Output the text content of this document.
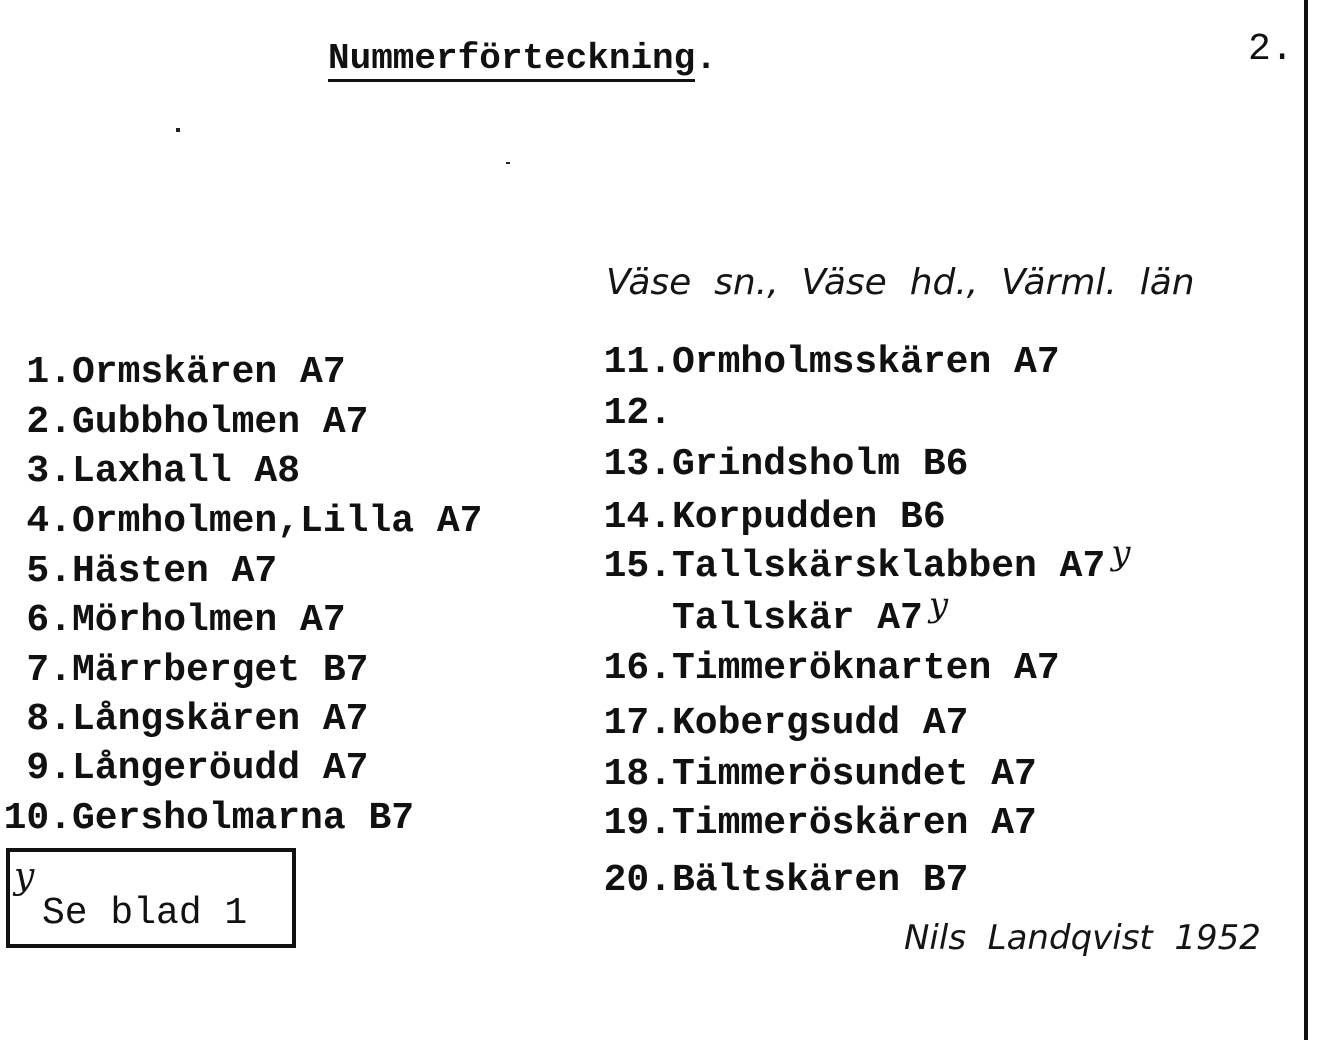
Nummerförteckning.	2.
Väse  sn.,  Väse  hd.,  Värml.  län
1.Ormskären A7
2.Gubbholmen A7
3.Laxhall A8
4.Ormholmen,Lilla A7
5.Hästen A7
6.Mörholmen A7
7.Märrberget B7
8.Långskären A7
9.Långeröudd A7
10.Gersholmarna B7
11.Ormholmsskären A7
12.
13.Grindsholm B6
14.Korpudden B6
15.Tallskärsklabben A7 y
Tallskär A7 y
16.Timmeröknarten A7
17.Kobergsudd A7
18.Timmerösundet A7
19.Timmeröskären A7
20.Bältskären B7
y
Se blad 1
Nils  Landqvist  1952
